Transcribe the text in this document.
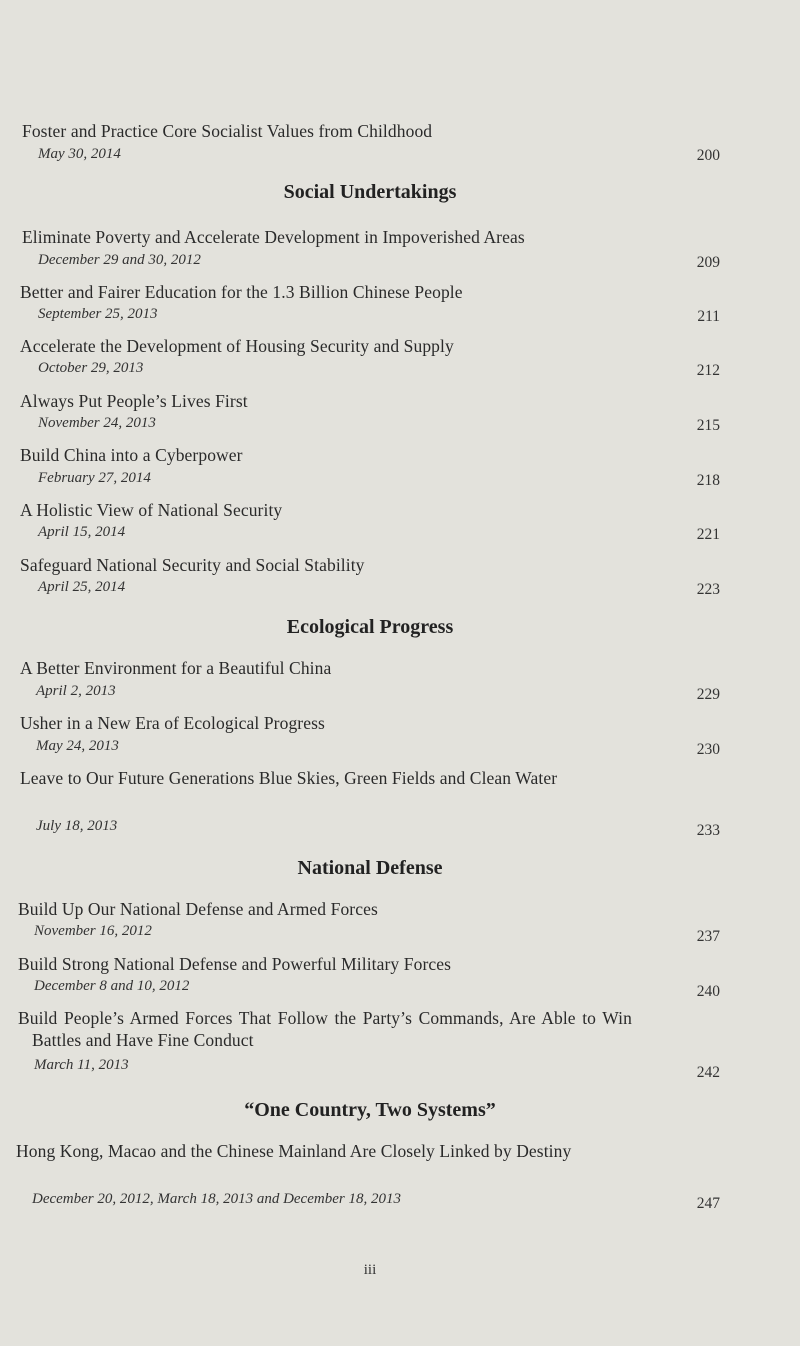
Foster and Practice Core Socialist Values from Childhood
May 30, 2014	200
Social Undertakings
Eliminate Poverty and Accelerate Development in Impoverished Areas
December 29 and 30, 2012	209
Better and Fairer Education for the 1.3 Billion Chinese People
September 25, 2013	211
Accelerate the Development of Housing Security and Supply
October 29, 2013	212
Always Put People’s Lives First
November 24, 2013	215
Build China into a Cyberpower
February 27, 2014	218
A Holistic View of National Security
April 15, 2014	221
Safeguard National Security and Social Stability
April 25, 2014	223
Ecological Progress
A Better Environment for a Beautiful China
April 2, 2013	229
Usher in a New Era of Ecological Progress
May 24, 2013	230
Leave to Our Future Generations Blue Skies, Green Fields and Clean Water
July 18, 2013	233
National Defense
Build Up Our National Defense and Armed Forces
November 16, 2012	237
Build Strong National Defense and Powerful Military Forces
December 8 and 10, 2012	240
Build People’s Armed Forces That Follow the Party’s Commands, Are Able to Win Battles and Have Fine Conduct
March 11, 2013	242
“One Country, Two Systems”
Hong Kong, Macao and the Chinese Mainland Are Closely Linked by Destiny
December 20, 2012, March 18, 2013 and December 18, 2013	247
iii
